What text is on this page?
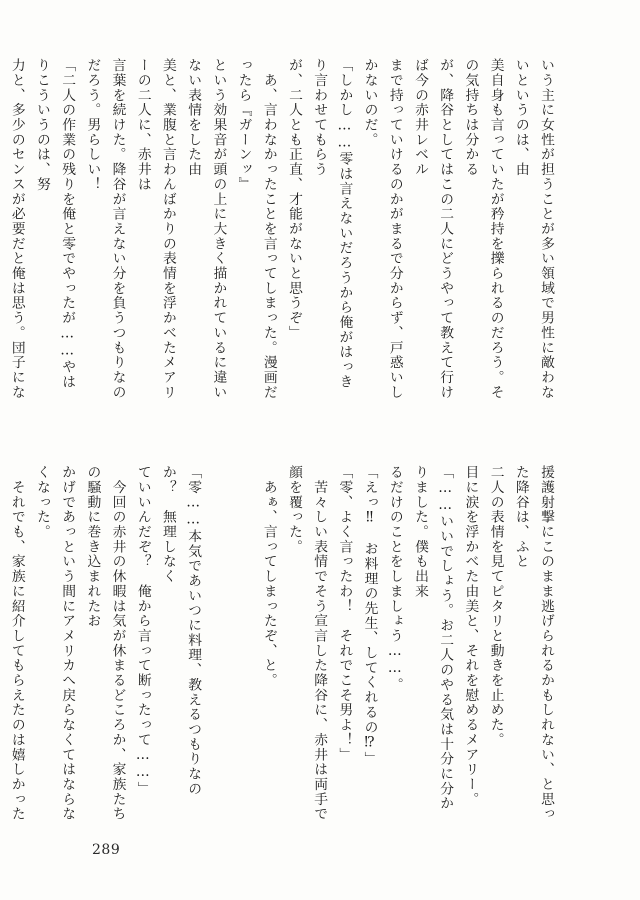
いう主に女性が担うことが多い領域で男性に敵わないというのは、由

美自身も言っていたが矜持を擽られるのだろう。その気持ちは分かる

が、降谷としてはこの二人にどうやって教えて行けば今の赤井レベル

まで持っていけるのかがまるで分からず、戸惑いしかないのだ。

「しかし……零は言えないだろうから俺がはっきり言わせてもらう

が、二人とも正直、才能がないと思うぞ」

　あ、言わなかったことを言ってしまった。漫画だったら『ガーンッ』

という効果音が頭の上に大きく描かれているに違いない表情をした由

美と、業腹と言わんばかりの表情を浮かべたメアリーの二人に、赤井は

言葉を続けた。降谷が言えない分を負うつもりなのだろう。男らしい！

「二人の作業の残りを俺と零でやったが……やはりこういうのは、努

力と、多少のセンスが必要だと俺は思う。団子にな

援護射撃にこのまま逃げられるかもしれない、と思った降谷は、ふと

二人の表情を見てピタリと動きを止めた。

目に涙を浮かべた由美と、それを慰めるメアリー。

「……いいでしょう。お二人のやる気は十分に分かりました。僕も出来

るだけのことをしましょう……。

「えっ‼　お料理の先生、してくれるの⁉」

「零、よく言ったわ！　それでこそ男よ！」

　苦々しい表情でそう宣言した降谷に、赤井は両手で顔を覆った。

　あぁ、言ってしまったぞ、と。

「零……本気であいつに料理、教えるつもりなのか？　無理しなく

ていいんだぞ？　俺から言って断ったって……」

　今回の赤井の休暇は気が休まるどころか、家族たちの騒動に巻き込まれたお

かげであっという間にアメリカへ戻らなくてはならなくなった。

　それでも、家族に紹介してもらえたのは嬉しかった

289
